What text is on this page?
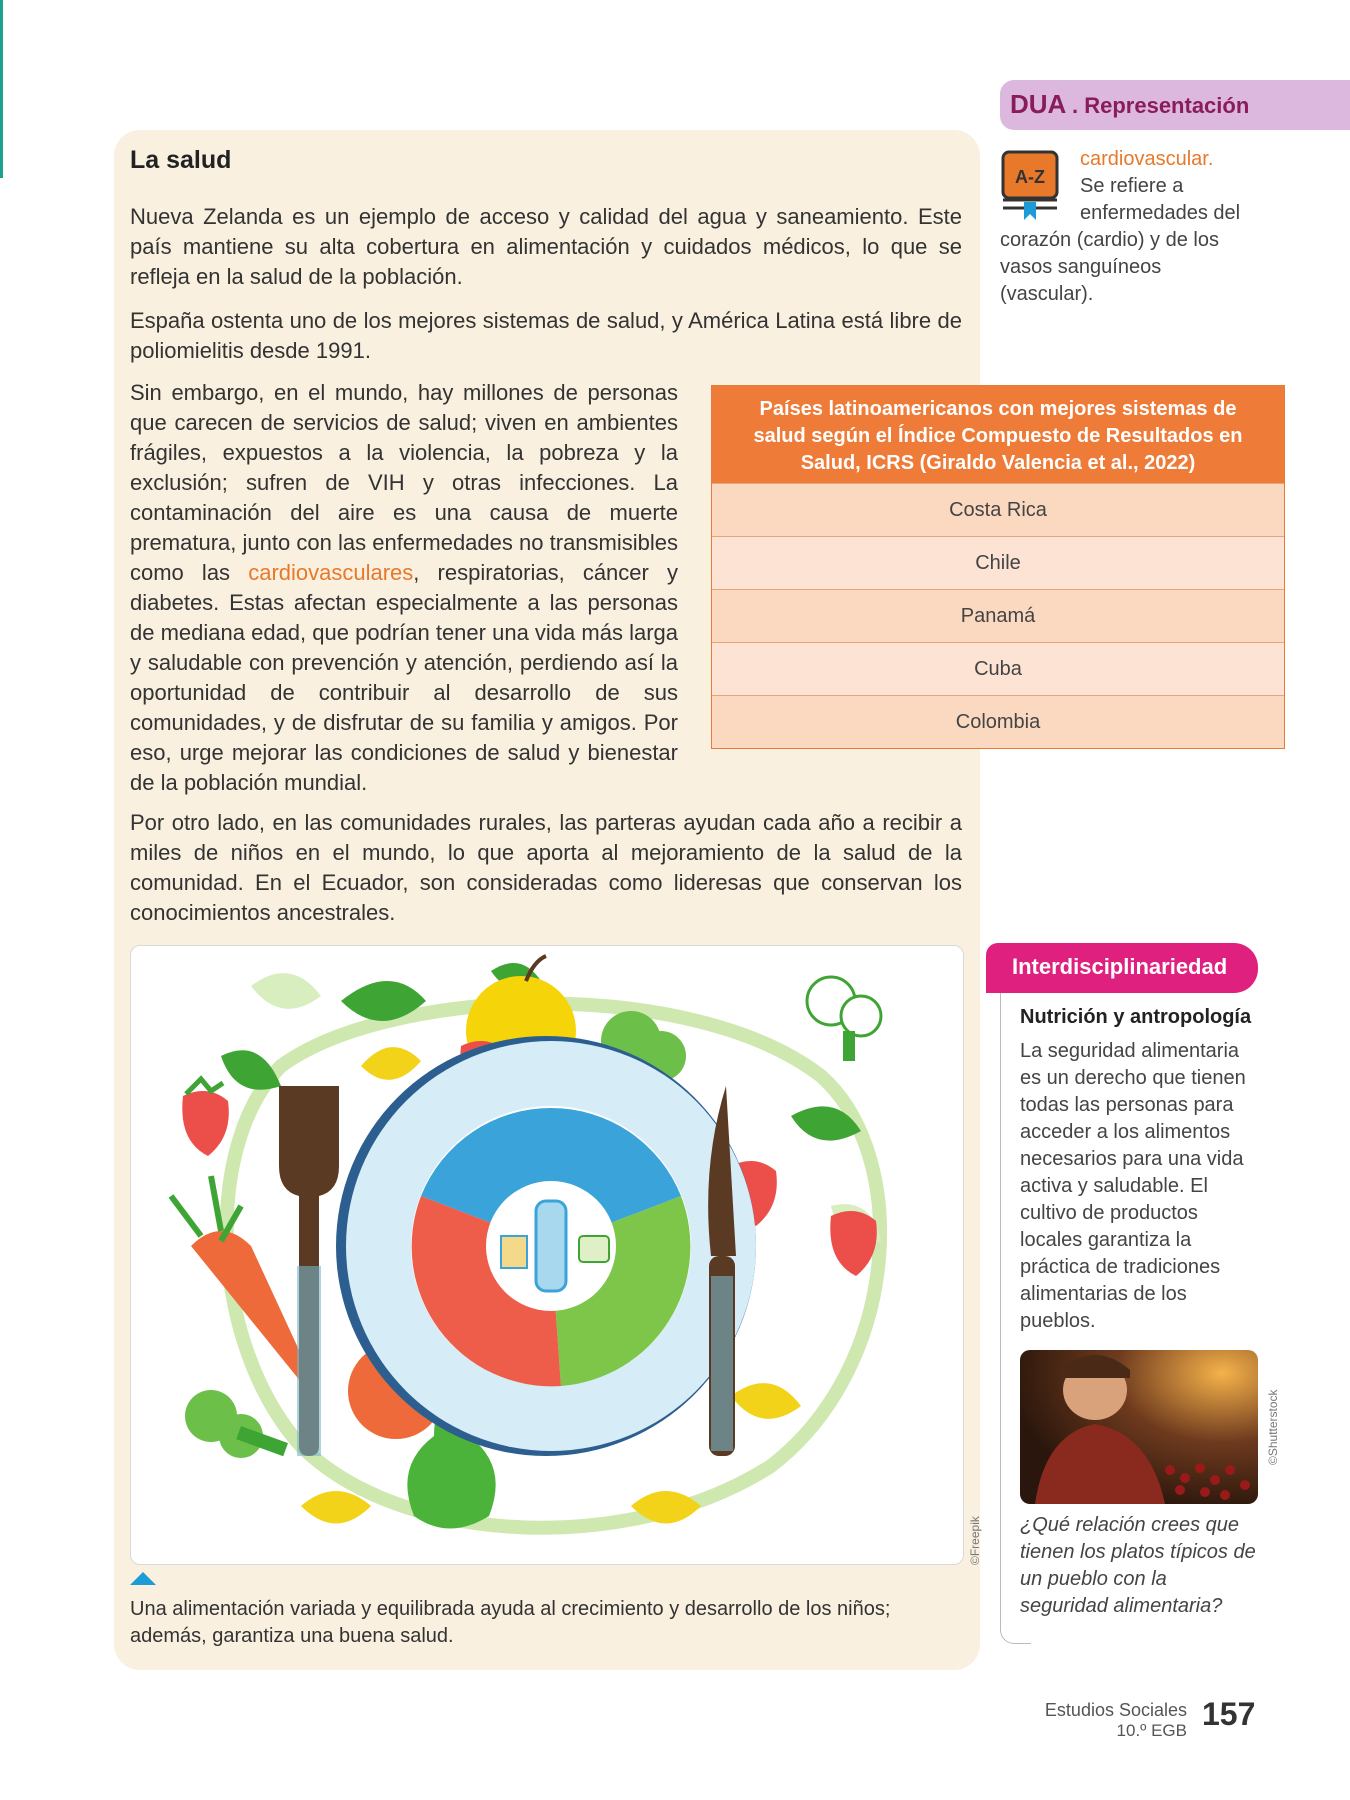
La salud

Nueva Zelanda es un ejemplo de acceso y calidad del agua y saneamiento. Este país mantiene su alta cobertura en alimentación y cuidados médicos, lo que se refleja en la salud de la población.

España ostenta uno de los mejores sistemas de salud, y América Latina está libre de poliomielitis desde 1991.

Sin embargo, en el mundo, hay millones de personas que carecen de servicios de salud; viven en ambientes frágiles, expuestos a la violencia, la pobreza y la exclusión; sufren de VIH y otras infecciones. La contaminación del aire es una causa de muerte prematura, junto con las enfermedades no transmisibles como las cardiovasculares, respiratorias, cáncer y diabetes. Estas afectan especialmente a las personas de mediana edad, que podrían tener una vida más larga y saludable con prevención y atención, perdiendo así la oportunidad de contribuir al desarrollo de sus comunidades, y de disfrutar de su familia y amigos. Por eso, urge mejorar las condiciones de salud y bienestar de la población mundial.

Por otro lado, en las comunidades rurales, las parteras ayudan cada año a recibir a miles de niños en el mundo, lo que aporta al mejoramiento de la salud de la comunidad. En el Ecuador, son consideradas como lideresas que conservan los conocimientos ancestrales.

Países latinoamericanos con mejores sistemas de salud según el Índice Compuesto de Resultados en Salud, ICRS (Giraldo Valencia et al., 2022)
Costa Rica
Chile
Panamá
Cuba
Colombia
DUA . Representación
A-Z
cardiovascular.
Se refiere a
enfermedades del
corazón (cardio) y de los
vasos sanguíneos
(vascular).
©Freepik

Una alimentación variada y equilibrada ayuda al crecimiento y desarrollo de los niños; además, garantiza una buena salud.

Interdisciplinariedad
Nutrición y antropología

La seguridad alimentaria es un derecho que tienen todas las personas para acceder a los alimentos necesarios para una vida activa y saludable. El cultivo de productos locales garantiza la práctica de tradiciones alimentarias de los pueblos.

©Shutterstock

¿Qué relación crees que tienen los platos típicos de un pueblo con la seguridad alimentaria?

Estudios Sociales
10.º EGB 157
